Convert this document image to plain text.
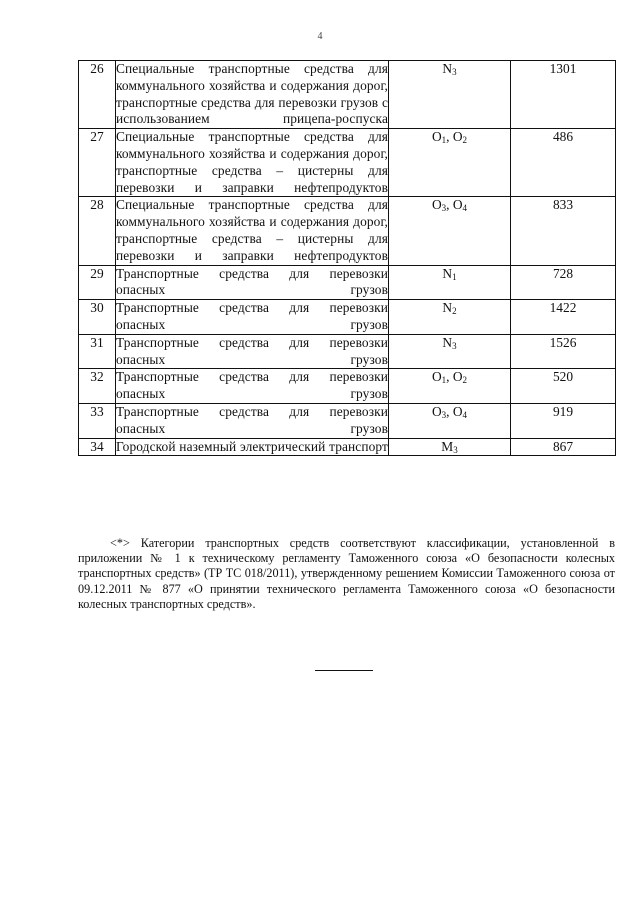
4
26	Специальные транспортные средства для коммунального хозяйства и содержания дорог, транспортные средства для перевозки грузов с использованием прицепа-роспуска	$N_3$	1301
27	Специальные транспортные средства для коммунального хозяйства и содержания дорог, транспортные средства – цистерны для перевозки и заправки нефтепродуктов	$O_1$, $O_2$	486
28	Специальные транспортные средства для коммунального хозяйства и содержания дорог, транспортные средства – цистерны для перевозки и заправки нефтепродуктов	$O_3$, $O_4$	833
29	Транспортные средства для перевозки опасных грузов	$N_1$	728
30	Транспортные средства для перевозки опасных грузов	$N_2$	1422
31	Транспортные средства для перевозки опасных грузов	$N_3$	1526
32	Транспортные средства для перевозки опасных грузов	$O_1$, $O_2$	520
33	Транспортные средства для перевозки опасных грузов	$O_3$, $O_4$	919
34	Городской наземный электрический транспорт	$M_3$	867

<*> Категории транспортных средств соответствуют классификации, установленной в приложении № 1 к техническому регламенту Таможенного союза «О безопасности колесных транспортных средств» (ТР ТС 018/2011), утвержденному решением Комиссии Таможенного союза от 09.12.2011 № 877 «О принятии технического регламента Таможенного союза «О безопасности колесных транспортных средств».
